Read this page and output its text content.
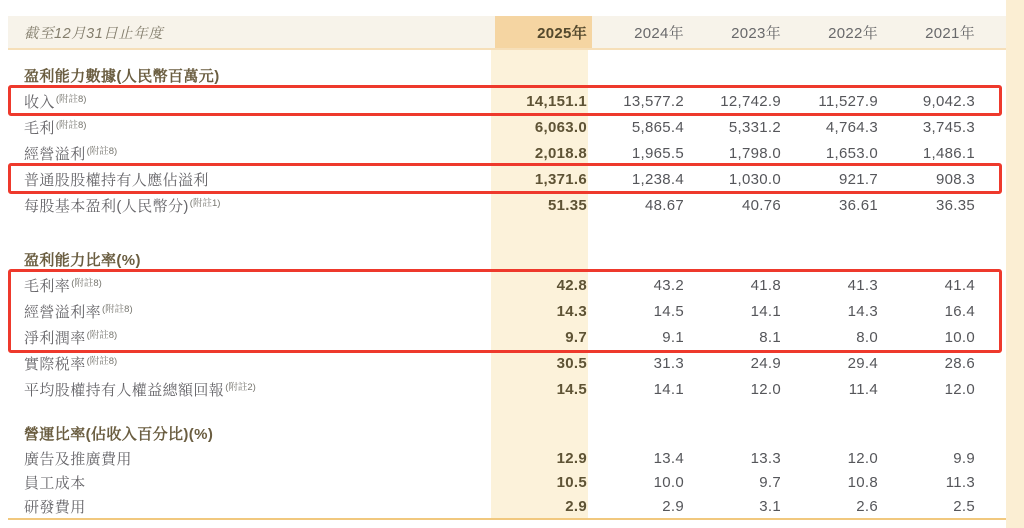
截至12月31日止年度	2025年	2024年	2023年	2022年	2021年
盈利能力數據(人民幣百萬元)
收入$^{(附註8)}$	14,151.1	13,577.2	12,742.9	11,527.9	9,042.3
毛利$^{(附註8)}$	6,063.0	5,865.4	5,331.2	4,764.3	3,745.3
經營溢利$^{(附註8)}$	2,018.8	1,965.5	1,798.0	1,653.0	1,486.1
普通股股權持有人應佔溢利	1,371.6	1,238.4	1,030.0	921.7	908.3
每股基本盈利(人民幣分)$^{(附註1)}$	51.35	48.67	40.76	36.61	36.35
盈利能力比率(%)
毛利率$^{(附註8)}$	42.8	43.2	41.8	41.3	41.4
經營溢利率$^{(附註8)}$	14.3	14.5	14.1	14.3	16.4
淨利潤率$^{(附註8)}$	9.7	9.1	8.1	8.0	10.0
實際税率$^{(附註8)}$	30.5	31.3	24.9	29.4	28.6
平均股權持有人權益總額回報$^{(附註2)}$	14.5	14.1	12.0	11.4	12.0
營運比率(佔收入百分比)(%)
廣告及推廣費用	12.9	13.4	13.3	12.0	9.9
員工成本	10.5	10.0	9.7	10.8	11.3
研發費用	2.9	2.9	3.1	2.6	2.5
